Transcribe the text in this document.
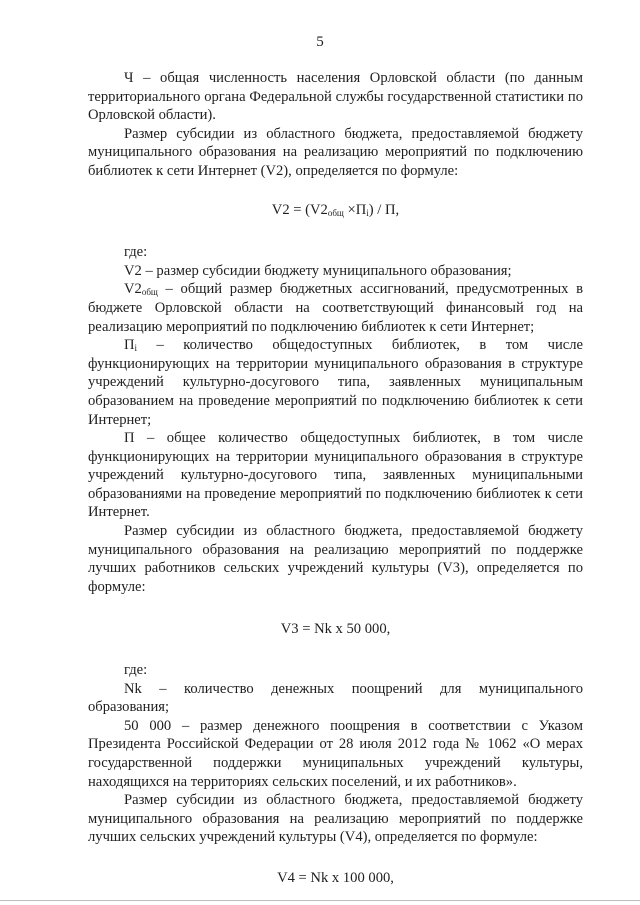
5

Ч – общая численность населения Орловской области (по данным территориального органа Федеральной службы государственной статистики по Орловской области).

Размер субсидии из областного бюджета, предоставляемой бюджету муниципального образования на реализацию мероприятий по подключению библиотек к сети Интернет (V2), определяется по формуле:

$V2 = (V2_{общ} \times П_i) / П$,

где:

V2 – размер субсидии бюджету муниципального образования;

$V2_{общ}$ – общий размер бюджетных ассигнований, предусмотренных в бюджете Орловской области на соответствующий финансовый год на реализацию мероприятий по подключению библиотек к сети Интернет;

$П_i$ – количество общедоступных библиотек, в том числе функционирующих на территории муниципального образования в структуре учреждений культурно-досугового типа, заявленных муниципальным образованием на проведение мероприятий по подключению библиотек к сети Интернет;

П – общее количество общедоступных библиотек, в том числе функционирующих на территории муниципального образования в структуре учреждений культурно-досугового типа, заявленных муниципальными образованиями на проведение мероприятий по подключению библиотек к сети Интернет.

Размер субсидии из областного бюджета, предоставляемой бюджету муниципального образования на реализацию мероприятий по поддержке лучших работников сельских учреждений культуры (V3), определяется по формуле:

V3 = Nk x 50 000,

где:

Nk – количество денежных поощрений для муниципального образования;

50 000 – размер денежного поощрения в соответствии с Указом Президента Российской Федерации от 28 июля 2012 года № 1062 «О мерах государственной поддержки муниципальных учреждений культуры, находящихся на территориях сельских поселений, и их работников».

Размер субсидии из областного бюджета, предоставляемой бюджету муниципального образования на реализацию мероприятий по поддержке лучших сельских учреждений культуры (V4), определяется по формуле:

V4 = Nk x 100 000,
